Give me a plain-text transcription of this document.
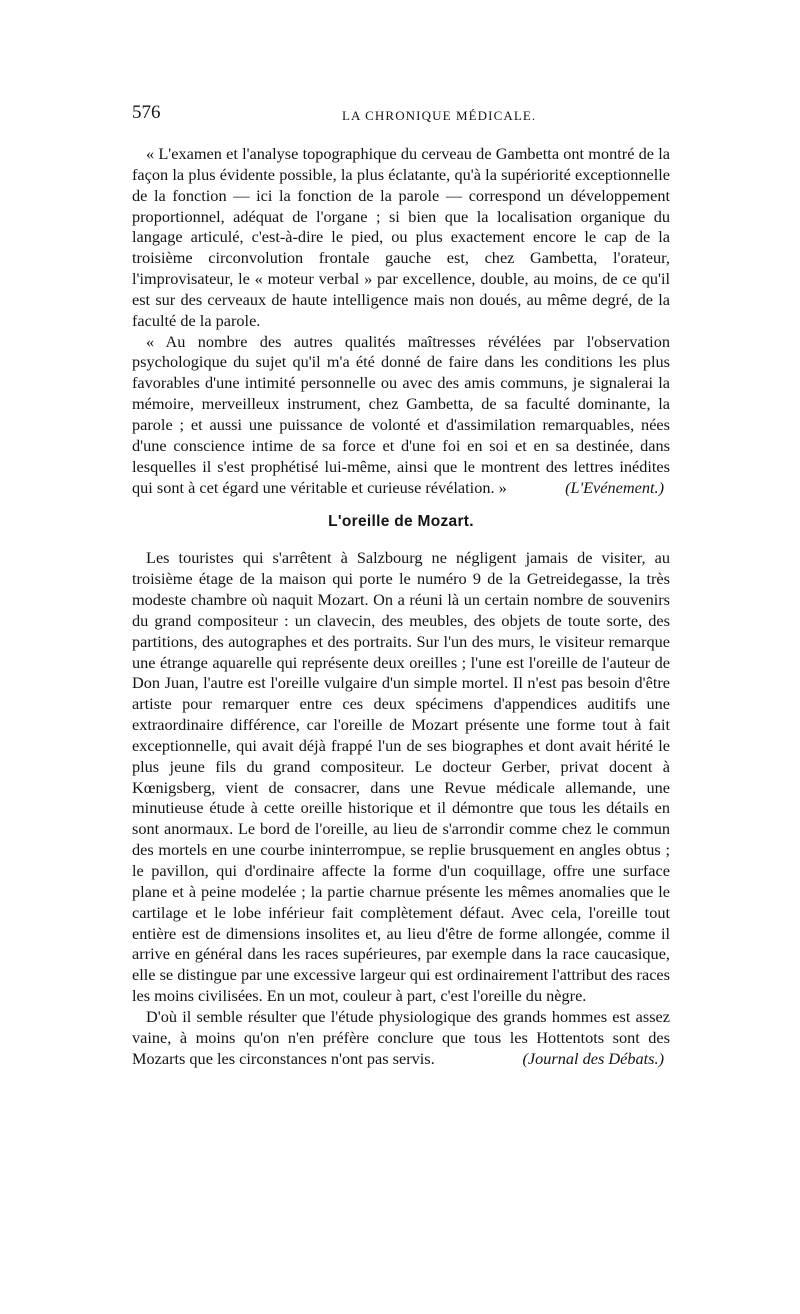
576	LA CHRONIQUE MÉDICALE.

« L'examen et l'analyse topographique du cerveau de Gambetta ont montré de la façon la plus évidente possible, la plus éclatante, qu'à la supériorité exceptionnelle de la fonction — ici la fonction de la parole — correspond un développement proportionnel, adéquat de l'organe ; si bien que la localisation organique du langage articulé, c'est-à-dire le pied, ou plus exactement encore le cap de la troisième circonvolution frontale gauche est, chez Gambetta, l'orateur, l'improvisateur, le « moteur verbal » par excellence, double, au moins, de ce qu'il est sur des cerveaux de haute intelligence mais non doués, au même degré, de la faculté de la parole.

« Au nombre des autres qualités maîtresses révélées par l'observation psychologique du sujet qu'il m'a été donné de faire dans les conditions les plus favorables d'une intimité personnelle ou avec des amis communs, je signalerai la mémoire, merveilleux instrument, chez Gambetta, de sa faculté dominante, la parole ; et aussi une puissance de volonté et d'assimilation remarquables, nées d'une conscience intime de sa force et d'une foi en soi et en sa destinée, dans lesquelles il s'est prophétisé lui-même, ainsi que le montrent des lettres inédites qui sont à cet égard une véritable et curieuse révélation. »	(L'Evénement.)

L'oreille de Mozart.

Les touristes qui s'arrêtent à Salzbourg ne négligent jamais de visiter, au troisième étage de la maison qui porte le numéro 9 de la Getreidegasse, la très modeste chambre où naquit Mozart. On a réuni là un certain nombre de souvenirs du grand compositeur : un clavecin, des meubles, des objets de toute sorte, des partitions, des autographes et des portraits. Sur l'un des murs, le visiteur remarque une étrange aquarelle qui représente deux oreilles ; l'une est l'oreille de l'auteur de Don Juan, l'autre est l'oreille vulgaire d'un simple mortel. Il n'est pas besoin d'être artiste pour remarquer entre ces deux spécimens d'appendices auditifs une extraordinaire différence, car l'oreille de Mozart présente une forme tout à fait exceptionnelle, qui avait déjà frappé l'un de ses biographes et dont avait hérité le plus jeune fils du grand compositeur. Le docteur Gerber, privat docent à Kœnigsberg, vient de consacrer, dans une Revue médicale allemande, une minutieuse étude à cette oreille historique et il démontre que tous les détails en sont anormaux. Le bord de l'oreille, au lieu de s'arrondir comme chez le commun des mortels en une courbe ininterrompue, se replie brusquement en angles obtus ; le pavillon, qui d'ordinaire affecte la forme d'un coquillage, offre une surface plane et à peine modelée ; la partie charnue présente les mêmes anomalies que le cartilage et le lobe inférieur fait complètement défaut. Avec cela, l'oreille tout entière est de dimensions insolites et, au lieu d'être de forme allongée, comme il arrive en général dans les races supérieures, par exemple dans la race caucasique, elle se distingue par une excessive largeur qui est ordinairement l'attribut des races les moins civilisées. En un mot, couleur à part, c'est l'oreille du nègre.

D'où il semble résulter que l'étude physiologique des grands hommes est assez vaine, à moins qu'on n'en préfère conclure que tous les Hottentots sont des Mozarts que les circonstances n'ont pas servis.	(Journal des Débats.)
